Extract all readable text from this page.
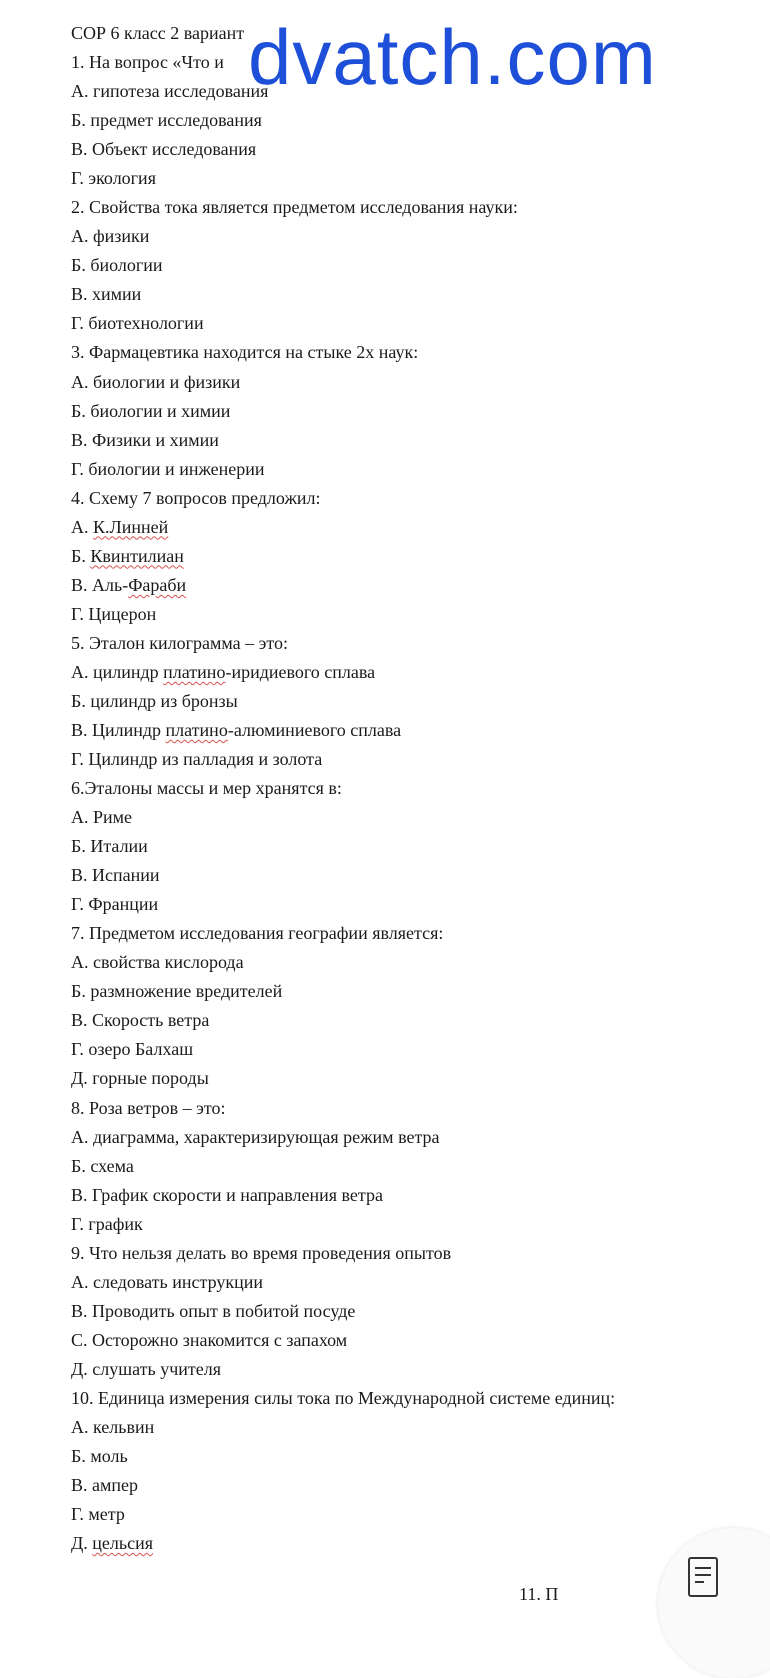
СОР 6 класс 2 вариант
1. На вопрос «Что и
А. гипотеза исследования
Б. предмет исследования
В. Объект исследования
Г. экология
2. Свойства тока является предметом исследования науки:
А. физики
Б. биологии
В. химии
Г. биотехнологии
3. Фармацевтика находится на стыке 2х наук:
А. биологии и физики
Б. биологии и химии
В. Физики и химии
Г. биологии и инженерии
4. Схему 7 вопросов предложил:
А. К.Линней
Б. Квинтилиан
В. Аль-Фараби
Г. Цицерон
5. Эталон килограмма – это:
А. цилиндр платино-иридиевого сплава
Б. цилиндр из бронзы
В. Цилиндр платино-алюминиевого сплава
Г. Цилиндр из палладия и золота
6.Эталоны массы и мер хранятся в:
А. Риме
Б. Италии
В. Испании
Г. Франции
7. Предметом исследования географии является:
А. свойства кислорода
Б. размножение вредителей
В. Скорость ветра
Г. озеро Балхаш
Д. горные породы
8. Роза ветров – это:
А. диаграмма, характеризирующая режим ветра
Б. схема
В. График скорости и направления ветра
Г. график
9. Что нельзя делать во время проведения опытов
А. следовать инструкции
В. Проводить опыт в побитой посуде
С. Осторожно знакомится с запахом
Д. слушать учителя
10. Единица измерения силы тока по Международной системе единиц:
А. кельвин
Б. моль
В. ампер
Г. метр
Д. цельсия
dvatch.com
11. П
